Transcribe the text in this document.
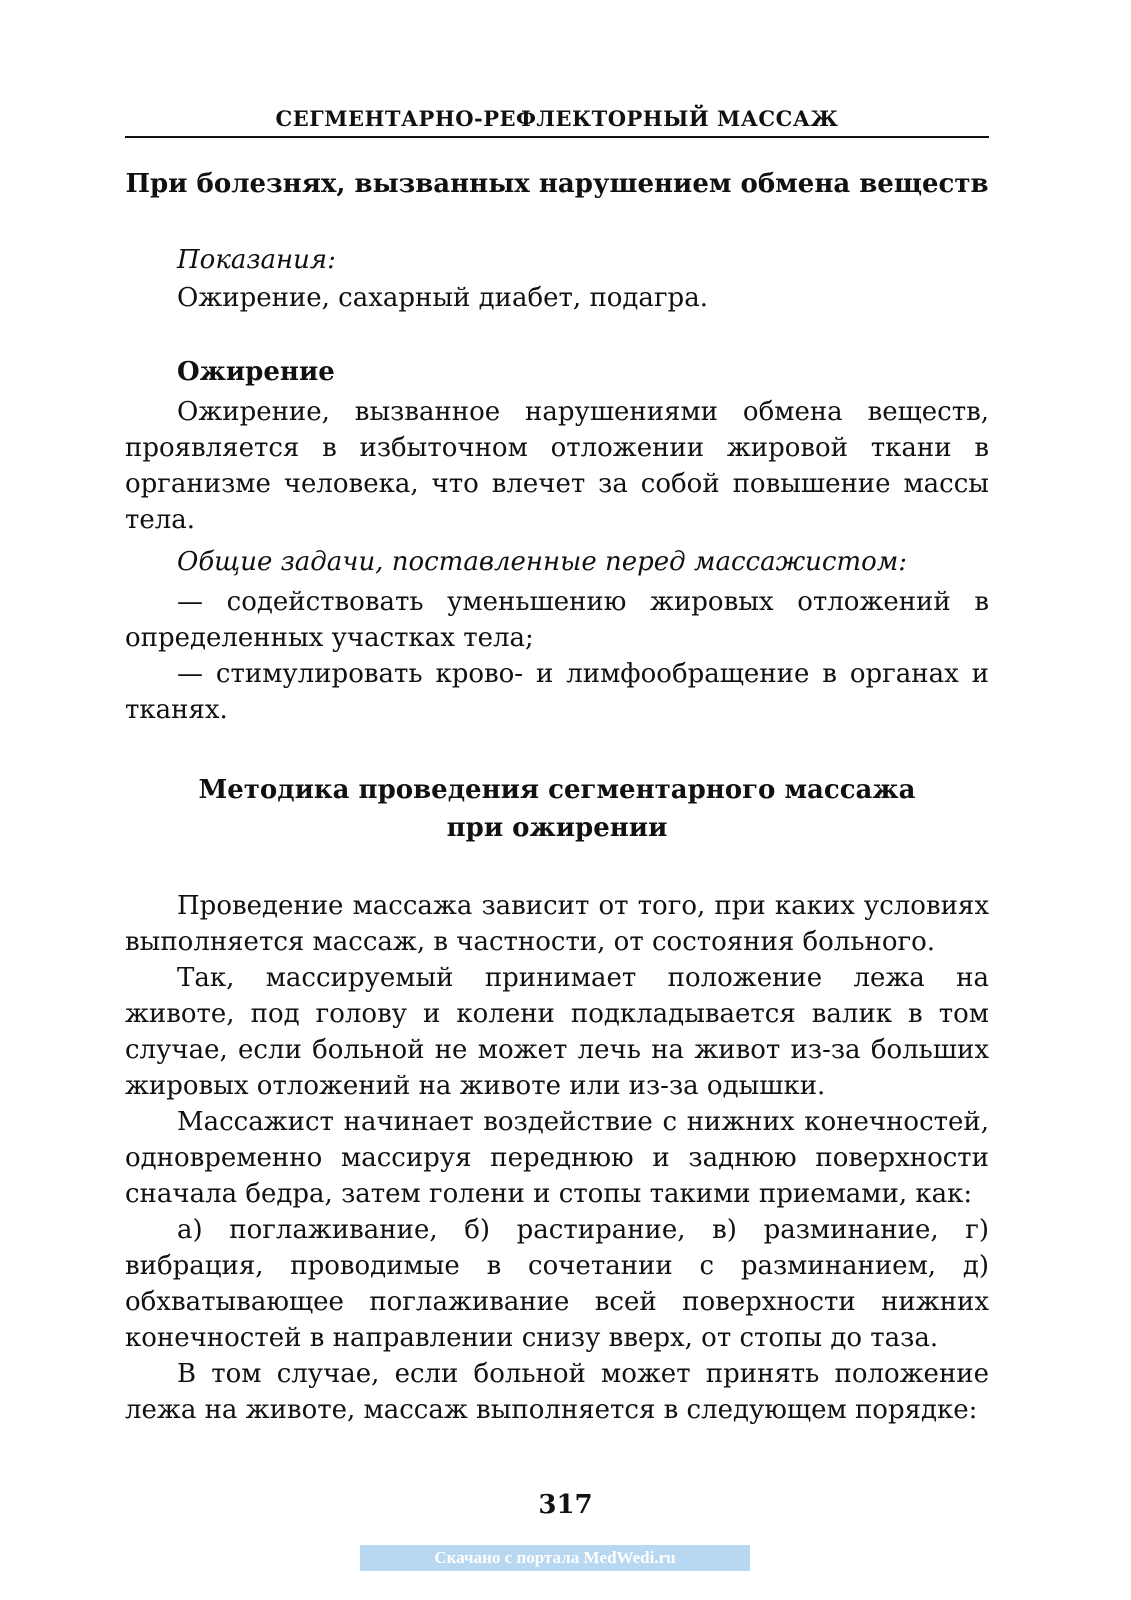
СЕГМЕНТАРНО-РЕФЛЕКТОРНЫЙ МАССАЖ
При болезнях, вызванных нарушением обмена веществ
Показания:
Ожирение, сахарный диабет, подагра.
Ожирение

Ожирение, вызванное нарушениями обмена веществ, проявляется в избыточном отложении жировой ткани в организме человека, что влечет за собой повышение массы тела.

Общие задачи, поставленные перед массажистом:

— содействовать уменьшению жировых отложений в определенных участках тела;

— стимулировать крово- и лимфообращение в органах и тканях.

Методика проведения сегментарного массажа
при ожирении

Проведение массажа зависит от того, при каких условиях выполняется массаж, в частности, от состояния больного.

Так, массируемый принимает положение лежа на животе, под голову и колени подкладывается валик в том случае, если больной не может лечь на живот из-за больших жировых отложений на животе или из-за одышки.

Массажист начинает воздействие с нижних конечностей, одновременно массируя переднюю и заднюю поверхности сначала бедра, затем голени и стопы такими приемами, как:

а) поглаживание, б) растирание, в) разминание, г) вибрация, проводимые в сочетании с разминанием, д) обхватывающее поглаживание всей поверхности нижних конечностей в направлении снизу вверх, от стопы до таза.

В том случае, если больной может принять положение лежа на животе, массаж выполняется в следующем порядке:

317
Скачано с портала MedWedi.ru
